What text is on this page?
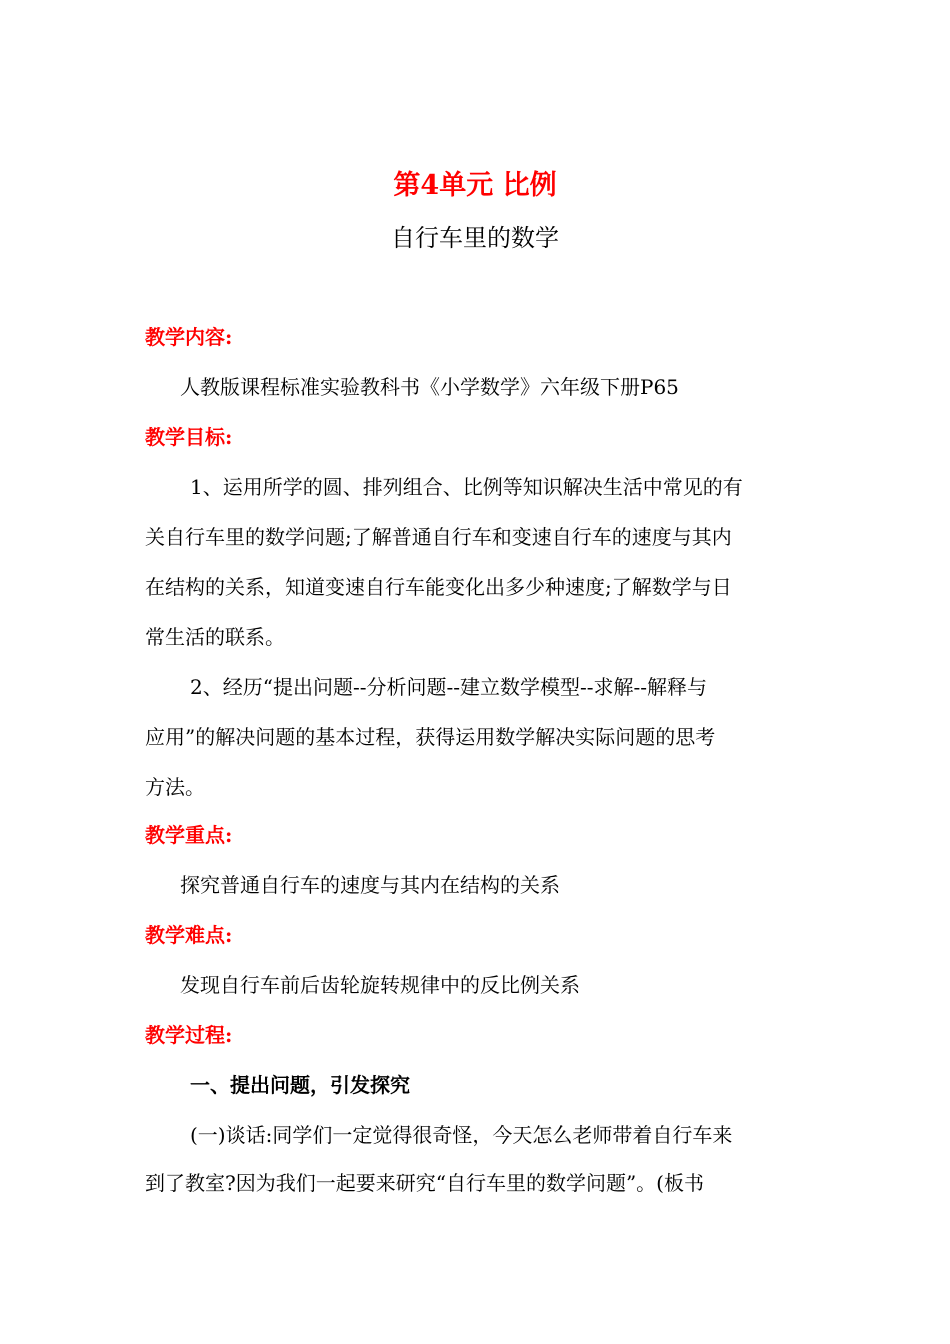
第4单元 比例
自行车里的数学
教学内容:
人教版课程标准实验教科书《小学数学》六年级下册P65
教学目标:
1、运用所学的圆、排列组合、比例等知识解决生活中常见的有
关自行车里的数学问题;了解普通自行车和变速自行车的速度与其内
在结构的关系，知道变速自行车能变化出多少种速度;了解数学与日
常生活的联系。
2、经历“提出问题--分析问题--建立数学模型--求解--解释与
应用”的解决问题的基本过程，获得运用数学解决实际问题的思考
方法。
教学重点:
探究普通自行车的速度与其内在结构的关系
教学难点:
发现自行车前后齿轮旋转规律中的反比例关系
教学过程:
一、提出问题，引发探究
(一)谈话:同学们一定觉得很奇怪，今天怎么老师带着自行车来
到了教室?因为我们一起要来研究“自行车里的数学问题”。(板书
